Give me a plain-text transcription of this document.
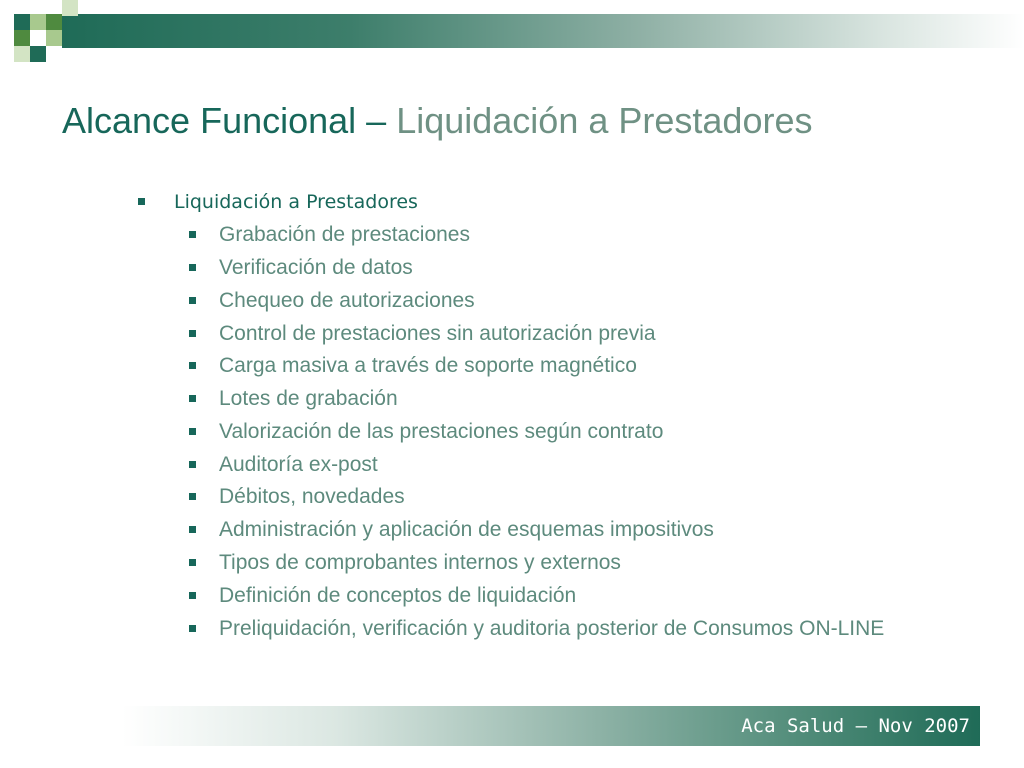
Alcance Funcional – Liquidación a Prestadores
Liquidación a Prestadores
Grabación de prestaciones
Verificación de datos
Chequeo de autorizaciones
Control de prestaciones sin autorización previa
Carga masiva a través de soporte magnético
Lotes de grabación
Valorización de las prestaciones según contrato
Auditoría ex-post
Débitos, novedades
Administración y aplicación de esquemas impositivos
Tipos de comprobantes internos y externos
Definición de conceptos de liquidación
Preliquidación, verificación y auditoria posterior de Consumos ON-LINE
Aca Salud – Nov 2007
